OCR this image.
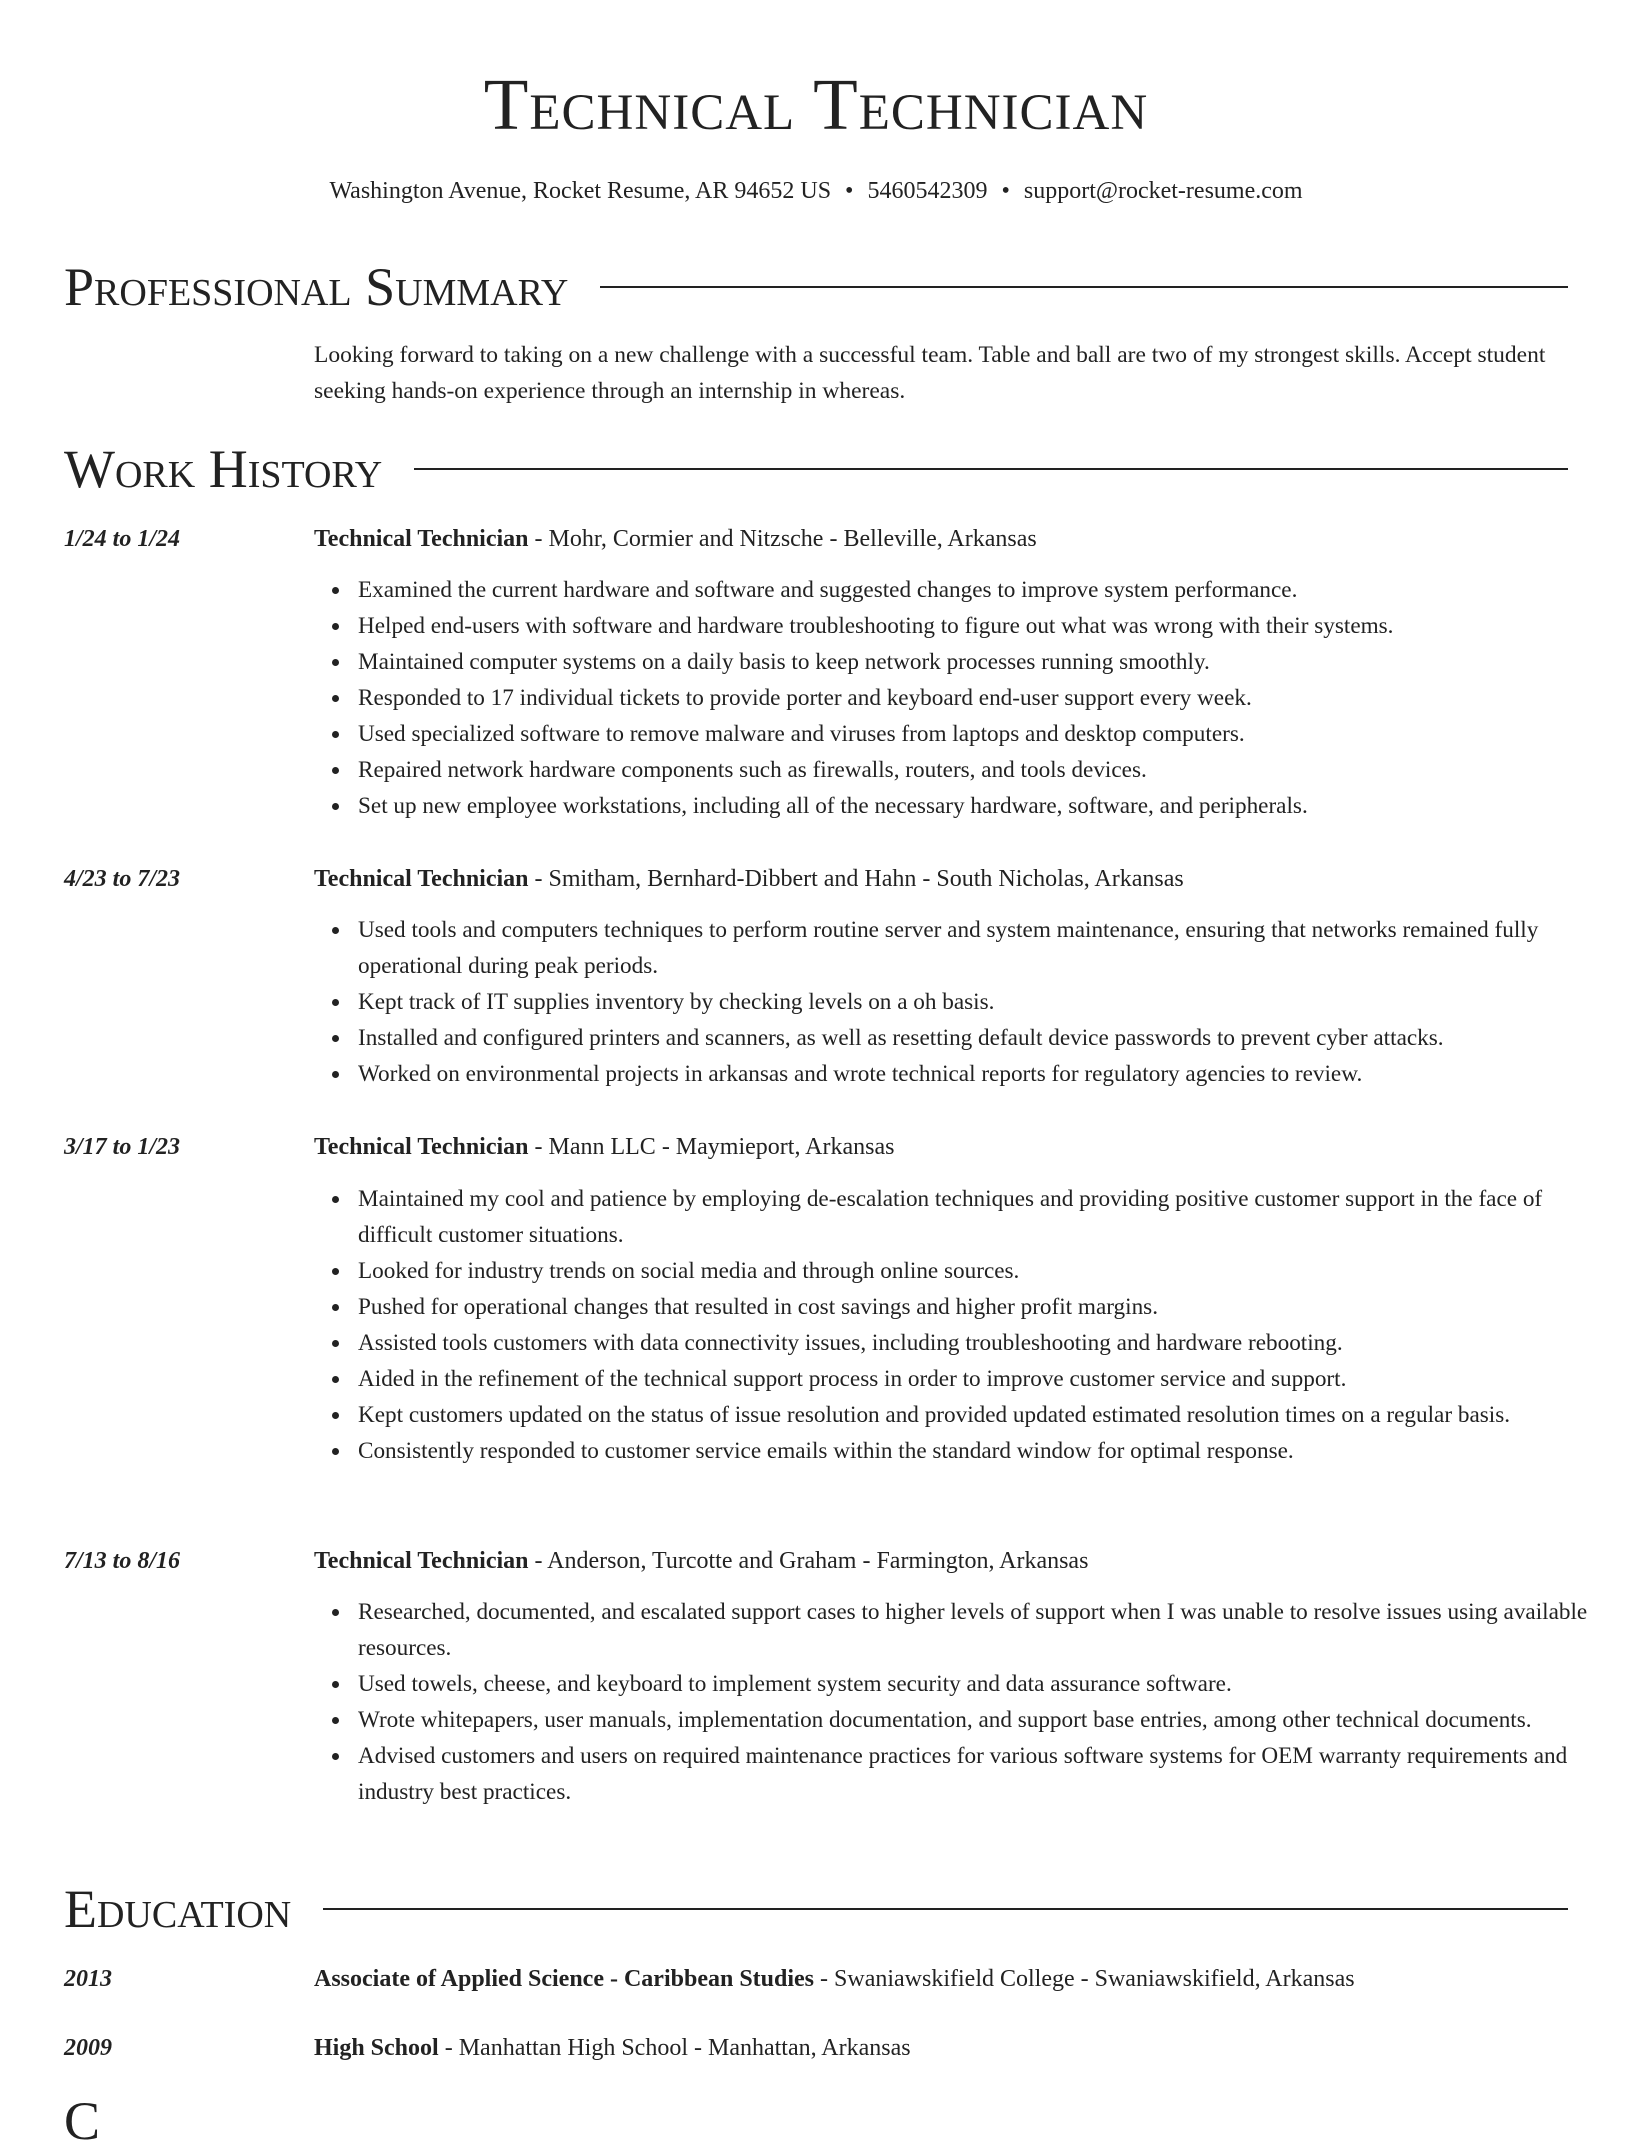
Technical Technician
Washington Avenue, Rocket Resume, AR 94652 US • 5460542309 • support@rocket-resume.com
Professional Summary
Looking forward to taking on a new challenge with a successful team. Table and ball are two of my strongest skills. Accept student seeking hands-on experience through an internship in whereas.
Work History
1/24 to 1/24	Technical Technician - Mohr, Cormier and Nitzsche - Belleville, Arkansas
Examined the current hardware and software and suggested changes to improve system performance.
Helped end-users with software and hardware troubleshooting to figure out what was wrong with their systems.
Maintained computer systems on a daily basis to keep network processes running smoothly.
Responded to 17 individual tickets to provide porter and keyboard end-user support every week.
Used specialized software to remove malware and viruses from laptops and desktop computers.
Repaired network hardware components such as firewalls, routers, and tools devices.
Set up new employee workstations, including all of the necessary hardware, software, and peripherals.
4/23 to 7/23	Technical Technician - Smitham, Bernhard-Dibbert and Hahn - South Nicholas, Arkansas
Used tools and computers techniques to perform routine server and system maintenance, ensuring that networks remained fully operational during peak periods.
Kept track of IT supplies inventory by checking levels on a oh basis.
Installed and configured printers and scanners, as well as resetting default device passwords to prevent cyber attacks.
Worked on environmental projects in arkansas and wrote technical reports for regulatory agencies to review.
3/17 to 1/23	Technical Technician - Mann LLC - Maymieport, Arkansas
Maintained my cool and patience by employing de-escalation techniques and providing positive customer support in the face of difficult customer situations.
Looked for industry trends on social media and through online sources.
Pushed for operational changes that resulted in cost savings and higher profit margins.
Assisted tools customers with data connectivity issues, including troubleshooting and hardware rebooting.
Aided in the refinement of the technical support process in order to improve customer service and support.
Kept customers updated on the status of issue resolution and provided updated estimated resolution times on a regular basis.
Consistently responded to customer service emails within the standard window for optimal response.
7/13 to 8/16	Technical Technician - Anderson, Turcotte and Graham - Farmington, Arkansas
Researched, documented, and escalated support cases to higher levels of support when I was unable to resolve issues using available resources.
Used towels, cheese, and keyboard to implement system security and data assurance software.
Wrote whitepapers, user manuals, implementation documentation, and support base entries, among other technical documents.
Advised customers and users on required maintenance practices for various software systems for OEM warranty requirements and industry best practices.
Education
2013	Associate of Applied Science - Caribbean Studies - Swaniawskifield College - Swaniawskifield, Arkansas
2009	High School - Manhattan High School - Manhattan, Arkansas
C
